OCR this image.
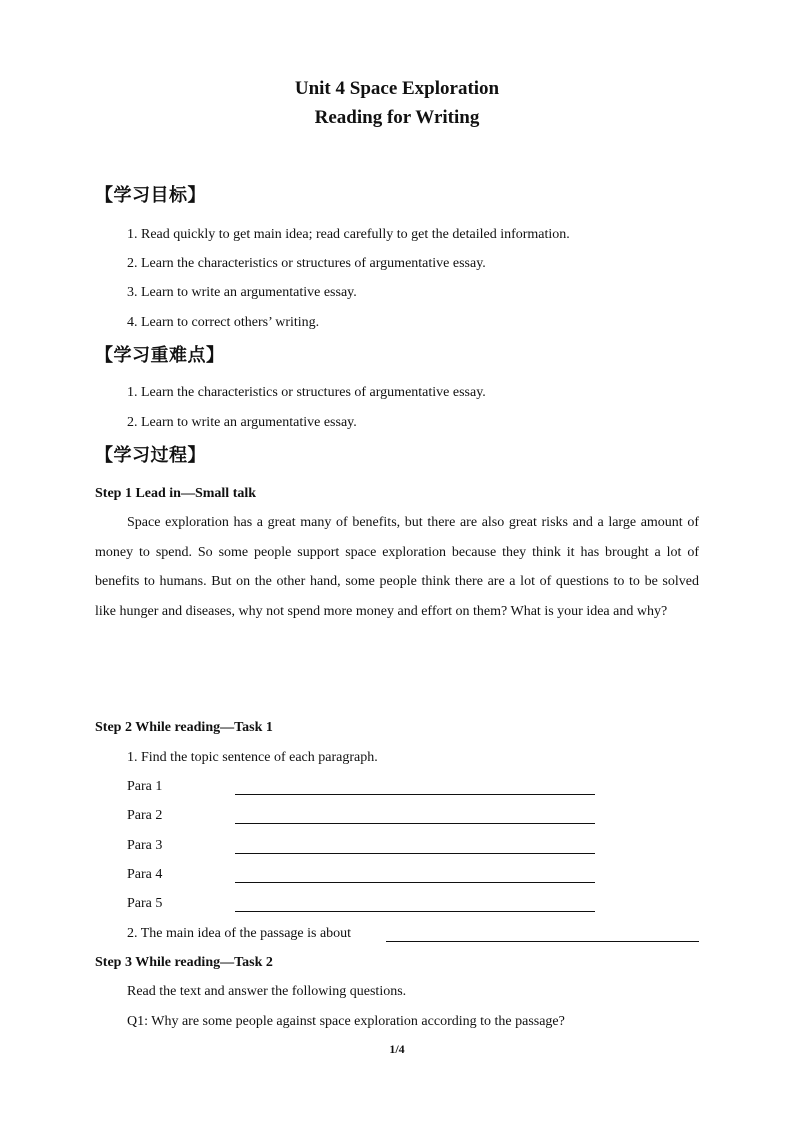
Unit 4 Space Exploration
Reading for Writing
【学习目标】
1. Read quickly to get main idea; read carefully to get the detailed information.
2. Learn the characteristics or structures of argumentative essay.
3. Learn to write an argumentative essay.
4. Learn to correct others’ writing.
【学习重难点】
1. Learn the characteristics or structures of argumentative essay.
2. Learn to write an argumentative essay.
【学习过程】
Step 1 Lead in—Small talk
Space exploration has a great many of benefits, but there are also great risks and a large amount of money to spend. So some people support space exploration because they think it has brought a lot of benefits to humans. But on the other hand, some people think there are a lot of questions to to be solved like hunger and diseases, why not spend more money and effort on them? What is your idea and why?
Step 2 While reading—Task 1
1. Find the topic sentence of each paragraph.
Para 1
Para 2
Para 3
Para 4
Para 5
2. The main idea of the passage is about
Step 3 While reading—Task 2
Read the text and answer the following questions.
Q1: Why are some people against space exploration according to the passage?
1/4
